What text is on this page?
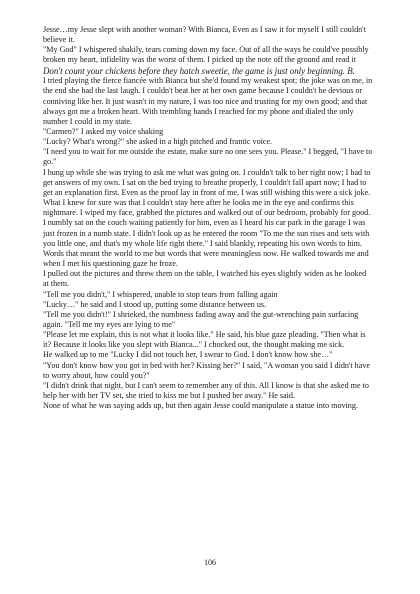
Jesse…my Jesse slept with another woman? With Bianca, Even as I saw it for myself I still couldn't believe it.

"My God" I whispered shakily, tears coming down my face. Out of all the ways he could've possibly broken my heart, infidelity was the worst of them. I picked up the note off the ground and read it

Don't count your chickens before they hatch sweetie, the game is just only beginning. B.

I tried playing the fierce fiancée with Bianca but she'd found my weakest spot; the joke was on me, in the end she had the last laugh. I couldn't beat her at her own game because I couldn't be devious or conniving like her. It just wasn't in my nature, I was too nice and trusting for my own good; and that always got me a broken heart. With trembling hands I reached for my phone and dialed the only number I could in my state.

"Carmen?" I asked my voice shaking

"Lucky? What's wrong?" she asked in a high pitched and frantic voice.

"I need you to wait for me outside the estate, make sure no one sees you. Please." I begged, "I have to go."

I hung up while she was trying to ask me what was going on. I couldn't talk to her right now; I had to get answers of my own. I sat on the bed trying to breathe properly, I couldn't fall apart now; I had to get an explanation first. Even as the proof lay in front of me, I was still wishing this were a sick joke. What I knew for sure was that I couldn't stay here after he looks me in the eye and confirms this nightmare. I wiped my face, grabbed the pictures and walked out of our bedroom, probably for good.

I numbly sat on the couch waiting patiently for him, even as I heard his car park in the garage I was just frozen in a numb state. I didn't look up as he entered the room "To me the sun rises and sets with you little one, and that's my whole life right there." I said blankly, repeating his own words to him. Words that meant the world to me but words that were meaningless now. He walked towards me and when I met his questioning gaze he froze.

I pulled out the pictures and threw them on the table, I watched his eyes slightly widen as he looked at them.

"Tell me you didn't," I whispered, unable to stop tears from falling again

"Lucky…" he said and I stood up, putting some distance between us.

"Tell me you didn't!" I shrieked, the numbness fading away and the gut-wrenching pain surfacing again. "Tell me my eyes are lying to me"

"Please let me explain, this is not what it looks like." He said, his blue gaze pleading. "Then what is it? Because it looks like you slept with Bianca..." I chocked out, the thought making me sick.

He walked up to me "Lucky I did not touch her, I swear to God. I don't know how she…"

"You don't know how you got in bed with her? Kissing her?" I said, "A woman you said I didn't have to worry about, how could you?"

"I didn't drink that night, but I can't seem to remember any of this. All I know is that she asked me to help her with her TV set, she tried to kiss me but I pushed her away." He said.

None of what he was saying adds up, but then again Jesse could manipulate a statue into moving.

106
